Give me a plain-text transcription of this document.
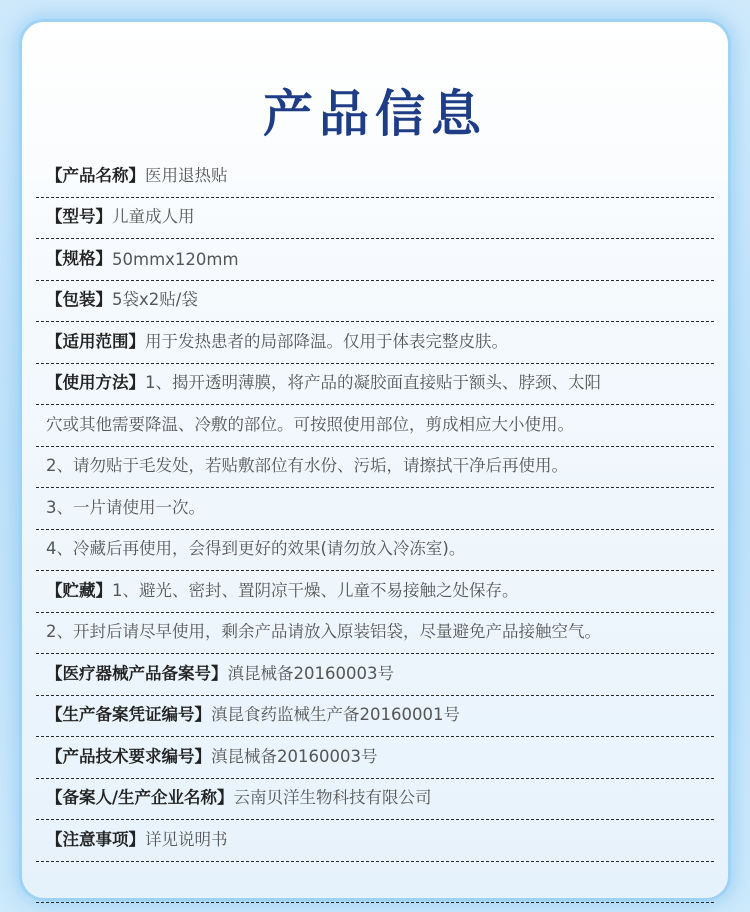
产品信息
【产品名称】 医用退热贴
【型号】 儿童成人用
【规格】 50mmx120mm
【包装】 5袋x2贴/袋
【适用范围】 用于发热患者的局部降温。仅用于体表完整皮肤。
【使用方法】 1、揭开透明薄膜，将产品的凝胶面直接贴于额头、脖颈、太阳
穴或其他需要降温、冷敷的部位。可按照使用部位，剪成相应大小使用。
2、请勿贴于毛发处，若贴敷部位有水份、污垢，请擦拭干净后再使用。
3、一片请使用一次。
4、冷藏后再使用，会得到更好的效果(请勿放入冷冻室)。
【贮藏】 1、避光、密封、置阴凉干燥、儿童不易接触之处保存。
2、开封后请尽早使用，剩余产品请放入原装铝袋，尽量避免产品接触空气。
【医疗器械产品备案号】 滇昆械备20160003号
【生产备案凭证编号】 滇昆食药监械生产备20160001号
【产品技术要求编号】 滇昆械备20160003号
【备案人/生产企业名称】 云南贝洋生物科技有限公司
【注意事项】 详见说明书
